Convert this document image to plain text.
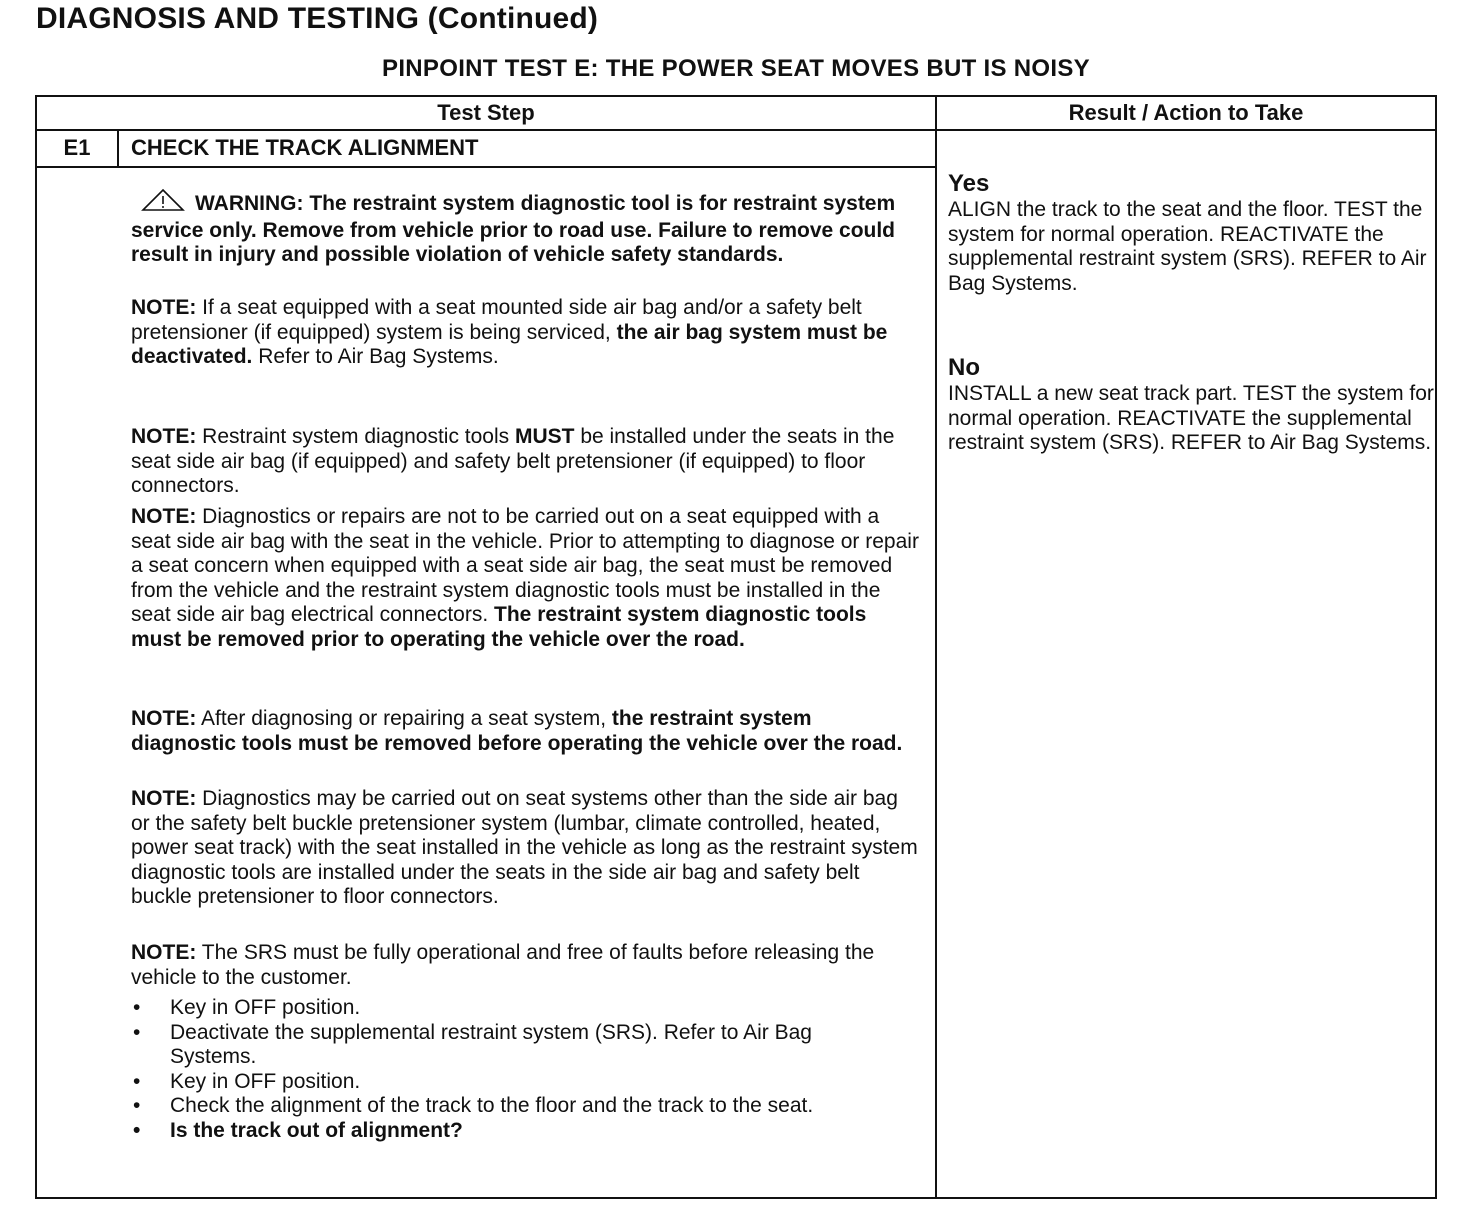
DIAGNOSIS AND TESTING (Continued)
PINPOINT TEST E: THE POWER SEAT MOVES BUT IS NOISY
Test Step	Result / Action to Take
E1	CHECK THE TRACK ALIGNMENT

WARNING: The restraint system diagnostic tool is for restraint system service only. Remove from vehicle prior to road use. Failure to remove could result in injury and possible violation of vehicle safety standards.

NOTE: If a seat equipped with a seat mounted side air bag and/or a safety belt pretensioner (if equipped) system is being serviced, the air bag system must be deactivated. Refer to Air Bag Systems.

NOTE: Restraint system diagnostic tools MUST be installed under the seats in the seat side air bag (if equipped) and safety belt pretensioner (if equipped) to floor connectors.

NOTE: Diagnostics or repairs are not to be carried out on a seat equipped with a seat side air bag with the seat in the vehicle. Prior to attempting to diagnose or repair a seat concern when equipped with a seat side air bag, the seat must be removed from the vehicle and the restraint system diagnostic tools must be installed in the seat side air bag electrical connectors. The restraint system diagnostic tools must be removed prior to operating the vehicle over the road.

NOTE: After diagnosing or repairing a seat system, the restraint system diagnostic tools must be removed before operating the vehicle over the road.

NOTE: Diagnostics may be carried out on seat systems other than the side air bag or the safety belt buckle pretensioner system (lumbar, climate controlled, heated, power seat track) with the seat installed in the vehicle as long as the restraint system diagnostic tools are installed under the seats in the side air bag and safety belt buckle pretensioner to floor connectors.

NOTE: The SRS must be fully operational and free of faults before releasing the vehicle to the customer.

• Key in OFF position.
• Deactivate the supplemental restraint system (SRS). Refer to Air Bag Systems.
• Key in OFF position.
• Check the alignment of the track to the floor and the track to the seat.
• Is the track out of alignment?
Yes
ALIGN the track to the seat and the floor. TEST the system for normal operation. REACTIVATE the supplemental restraint system (SRS). REFER to Air Bag Systems.
No
INSTALL a new seat track part. TEST the system for normal operation. REACTIVATE the supplemental restraint system (SRS). REFER to Air Bag Systems.
